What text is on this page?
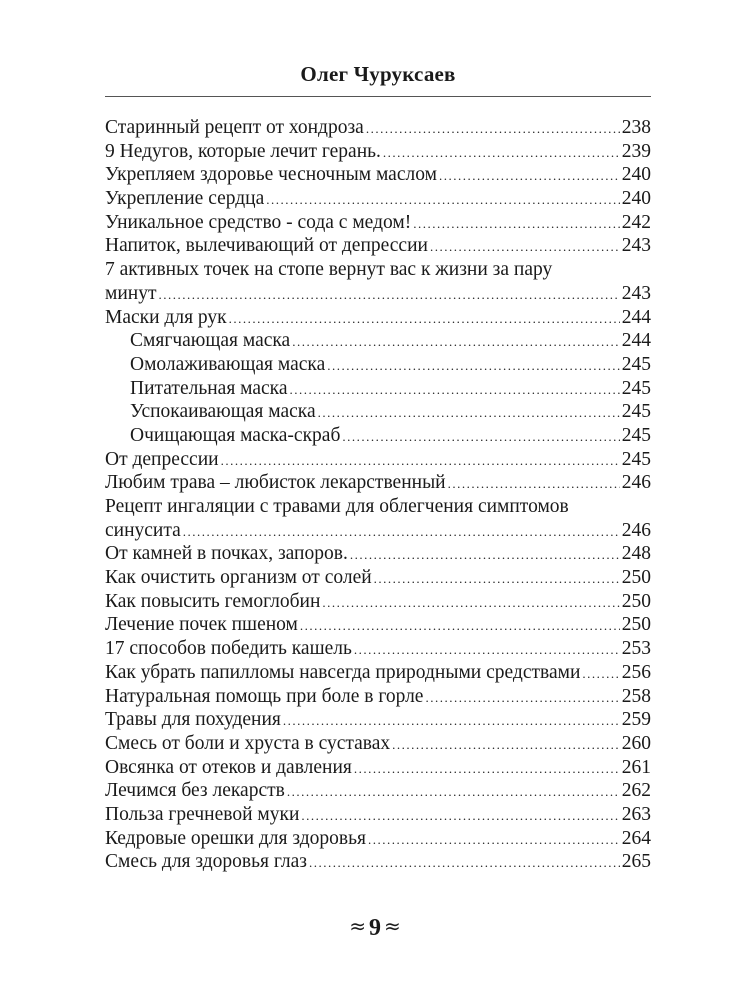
Олег Чуруксаев
Старинный рецепт от хондроза .....	238
9 Недугов, которые лечит герань. .....	239
Укрепляем здоровье чесночным маслом .....	240
Укрепление сердца .....	240
Уникальное средство - сода с медом! .....	242
Напиток, вылечивающий от депрессии .....	243
7 активных точек на стопе вернут вас к жизни за пару
минут .....	243
Маски для рук .....	244
Смягчающая маска .....	244
Омолаживающая маска .....	245
Питательная маска .....	245
Успокаивающая маска .....	245
Очищающая маска-скраб .....	245
От депрессии .....	245
Любим трава – любисток лекарственный .....	246
Рецепт ингаляции с травами для облегчения симптомов
синусита .....	246
От камней в почках, запоров. .....	248
Как очистить организм от солей .....	250
Как повысить гемоглобин .....	250
Лечение почек пшеном .....	250
17 способов победить кашель .....	253
Как убрать папилломы навсегда природными средствами ..... 256
Натуральная помощь при боле в горле .....	258
Травы для похудения .....	259
Смесь от боли и хруста в суставах .....	260
Овсянка от отеков и давления .....	261
Лечимся без лекарств .....	262
Польза гречневой муки .....	263
Кедровые орешки для здоровья .....	264
Смесь для здоровья глаз .....	265
≈ 9 ≈
